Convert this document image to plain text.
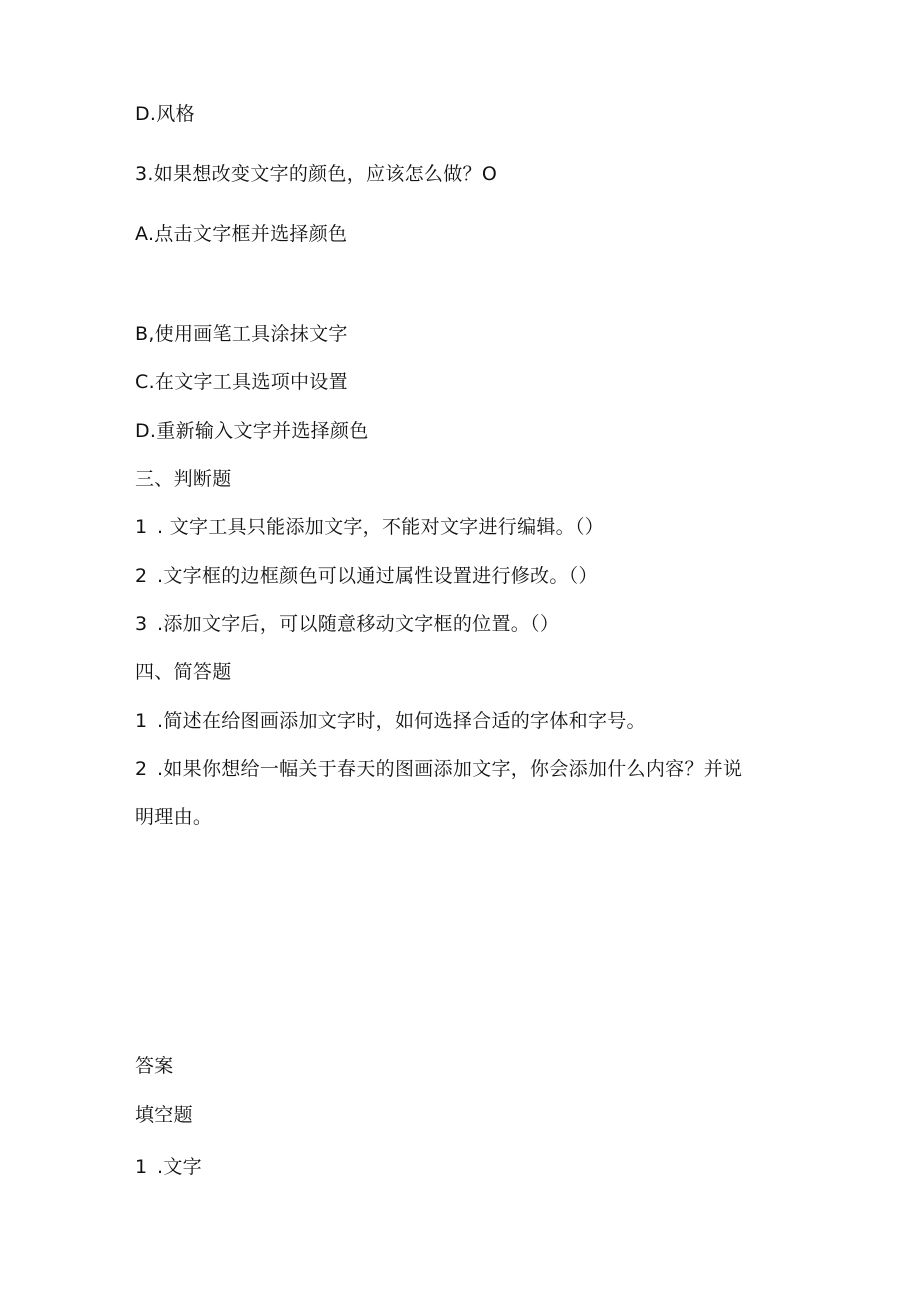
D.风格
3.如果想改变文字的颜色，应该怎么做？O
A.点击文字框并选择颜色
B,使用画笔工具涂抹文字
C.在文字工具选项中设置
D.重新输入文字并选择颜色
三、判断题
1 . 文字工具只能添加文字，不能对文字进行编辑。（）
2 .文字框的边框颜色可以通过属性设置进行修改。（）
3 .添加文字后，可以随意移动文字框的位置。（）
四、简答题
1 .简述在给图画添加文字时，如何选择合适的字体和字号。
2 .如果你想给一幅关于春天的图画添加文字，你会添加什么内容？并说
明理由。
答案
填空题
1 .文字
